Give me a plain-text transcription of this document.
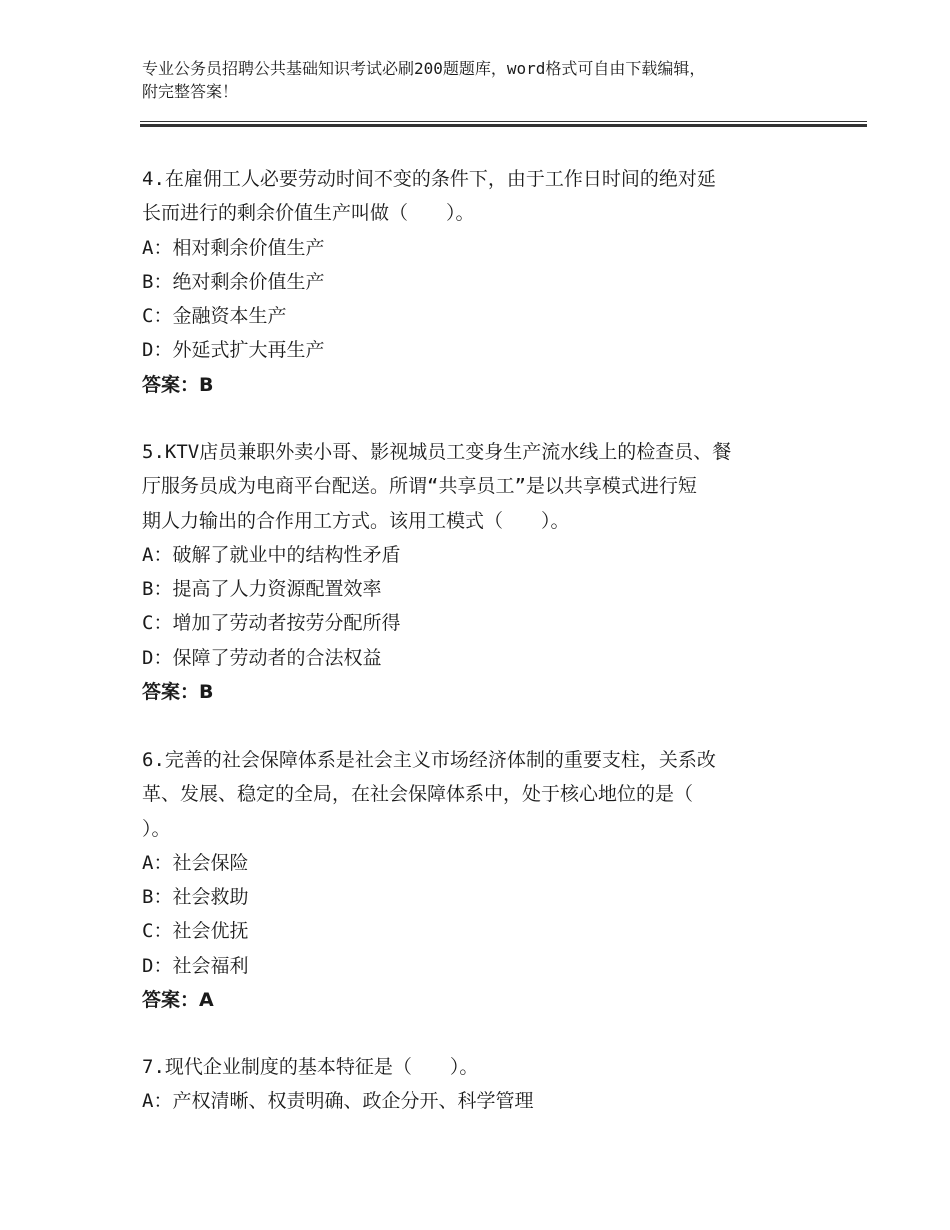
专业公务员招聘公共基础知识考试必刷200题题库，word格式可自由下载编辑，
附完整答案！
4.在雇佣工人必要劳动时间不变的条件下，由于工作日时间的绝对延
长而进行的剩余价值生产叫做（　　）。
A：相对剩余价值生产
B：绝对剩余价值生产
C：金融资本生产
D：外延式扩大再生产
答案：B
5.KTV店员兼职外卖小哥、影视城员工变身生产流水线上的检查员、餐
厅服务员成为电商平台配送。所谓“共享员工”是以共享模式进行短
期人力输出的合作用工方式。该用工模式（　　）。
A：破解了就业中的结构性矛盾
B：提高了人力资源配置效率
C：增加了劳动者按劳分配所得
D：保障了劳动者的合法权益
答案：B
6.完善的社会保障体系是社会主义市场经济体制的重要支柱，关系改
革、发展、稳定的全局，在社会保障体系中，处于核心地位的是（
）。
A：社会保险
B：社会救助
C：社会优抚
D：社会福利
答案：A
7.现代企业制度的基本特征是（　　）。
A：产权清晰、权责明确、政企分开、科学管理
